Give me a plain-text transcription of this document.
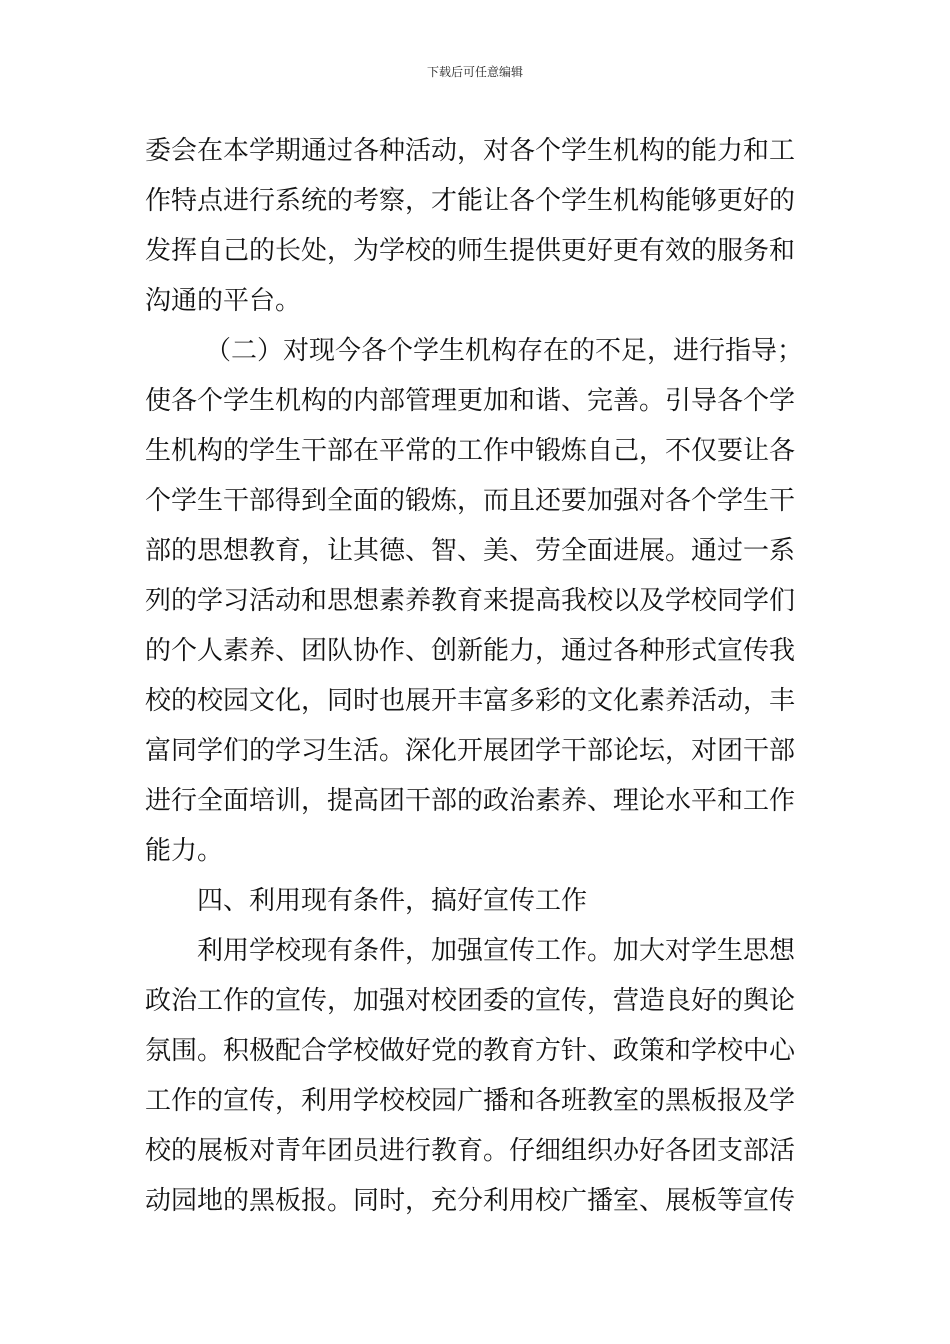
下载后可任意编辑
委会在本学期通过各种活动，对各个学生机构的能力和工
作特点进行系统的考察，才能让各个学生机构能够更好的
发挥自己的长处，为学校的师生提供更好更有效的服务和
沟通的平台。
（二）对现今各个学生机构存在的不足，进行指导；
使各个学生机构的内部管理更加和谐、完善。引导各个学
生机构的学生干部在平常的工作中锻炼自己，不仅要让各
个学生干部得到全面的锻炼，而且还要加强对各个学生干
部的思想教育，让其德、智、美、劳全面进展。通过一系
列的学习活动和思想素养教育来提高我校以及学校同学们
的个人素养、团队协作、创新能力，通过各种形式宣传我
校的校园文化，同时也展开丰富多彩的文化素养活动，丰
富同学们的学习生活。深化开展团学干部论坛，对团干部
进行全面培训，提高团干部的政治素养、理论水平和工作
能力。
四、利用现有条件，搞好宣传工作
利用学校现有条件，加强宣传工作。加大对学生思想
政治工作的宣传，加强对校团委的宣传，营造良好的舆论
氛围。积极配合学校做好党的教育方针、政策和学校中心
工作的宣传，利用学校校园广播和各班教室的黑板报及学
校的展板对青年团员进行教育。仔细组织办好各团支部活
动园地的黑板报。同时，充分利用校广播室、展板等宣传
